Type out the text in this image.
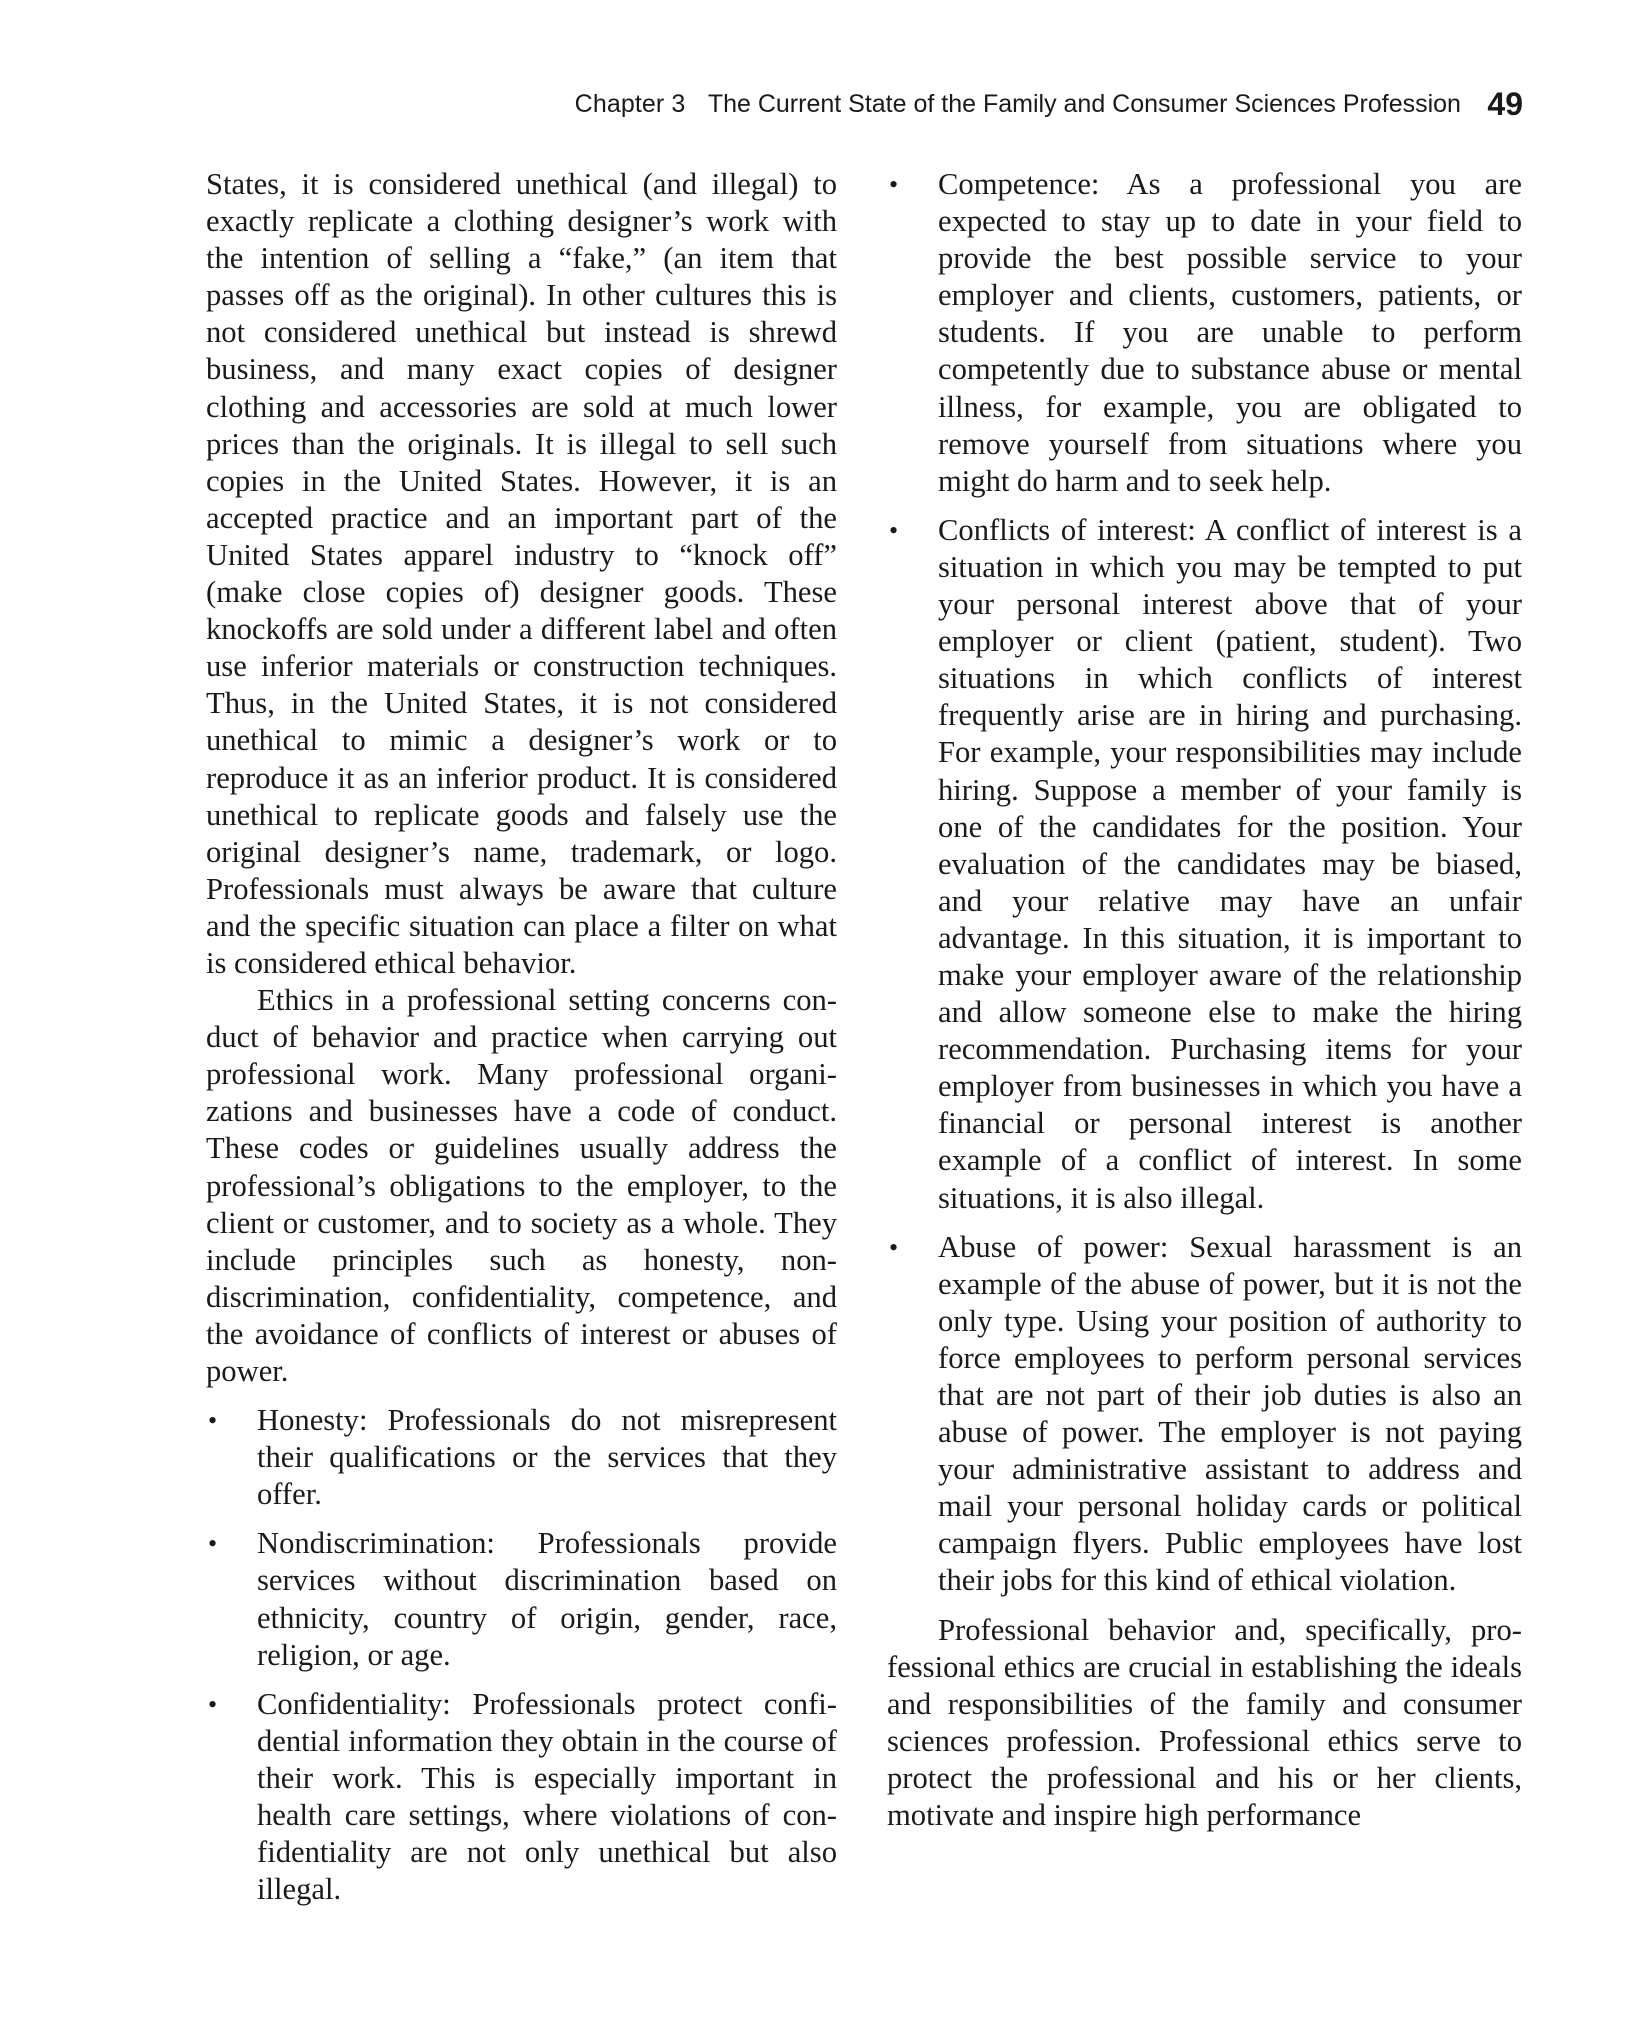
Chapter 3 The Current State of the Family and Consumer Sciences Profession 49

States, it is considered unethical (and illegal) to exactly replicate a clothing designer’s work with the intention of selling a “fake,” (an item that passes off as the original). In other cultures this is not considered unethical but instead is shrewd business, and many exact copies of designer clothing and accessories are sold at much lower prices than the originals. It is illegal to sell such copies in the United States. However, it is an accepted practice and an important part of the United States apparel industry to “knock off” (make close copies of) designer goods. These knockoffs are sold under a different label and often use inferior materials or construction techniques. Thus, in the United States, it is not considered unethical to mimic a designer’s work or to reproduce it as an inferior product. It is considered unethical to replicate goods and falsely use the original designer’s name, trademark, or logo. Professionals must always be aware that culture and the specific situation can place a filter on what is considered ethical behavior.

Ethics in a professional setting concerns conduct of behavior and practice when carrying out professional work. Many professional organizations and businesses have a code of conduct. These codes or guidelines usually address the professional’s obligations to the employer, to the client or customer, and to society as a whole. They include principles such as honesty, nondiscrimination, confidentiality, competence, and the avoidance of conflicts of interest or abuses of power.

• Honesty: Professionals do not misrepresent their qualifications or the services that they offer.
• Nondiscrimination: Professionals provide services without discrimination based on ethnicity, country of origin, gender, race, religion, or age.
• Confidentiality: Professionals protect confidential information they obtain in the course of their work. This is especially important in health care settings, where violations of confidentiality are not only unethical but also illegal.
• Competence: As a professional you are expected to stay up to date in your field to provide the best possible service to your employer and clients, customers, patients, or students. If you are unable to perform competently due to substance abuse or mental illness, for example, you are obligated to remove yourself from situations where you might do harm and to seek help.
• Conflicts of interest: A conflict of interest is a situation in which you may be tempted to put your personal interest above that of your employer or client (patient, student). Two situations in which conflicts of interest frequently arise are in hiring and purchasing. For example, your responsibilities may include hiring. Suppose a member of your family is one of the candidates for the position. Your evaluation of the candidates may be biased, and your relative may have an unfair advantage. In this situation, it is important to make your employer aware of the relationship and allow someone else to make the hiring recommendation. Purchasing items for your employer from businesses in which you have a financial or personal interest is another example of a conflict of interest. In some situations, it is also illegal.
• Abuse of power: Sexual harassment is an example of the abuse of power, but it is not the only type. Using your position of authority to force employees to perform personal services that are not part of their job duties is also an abuse of power. The employer is not paying your administrative assistant to address and mail your personal holiday cards or political campaign flyers. Public employees have lost their jobs for this kind of ethical violation.

Professional behavior and, specifically, professional ethics are crucial in establishing the ideals and responsibilities of the family and consumer sciences profession. Professional ethics serve to protect the professional and his or her clients, motivate and inspire high performance
